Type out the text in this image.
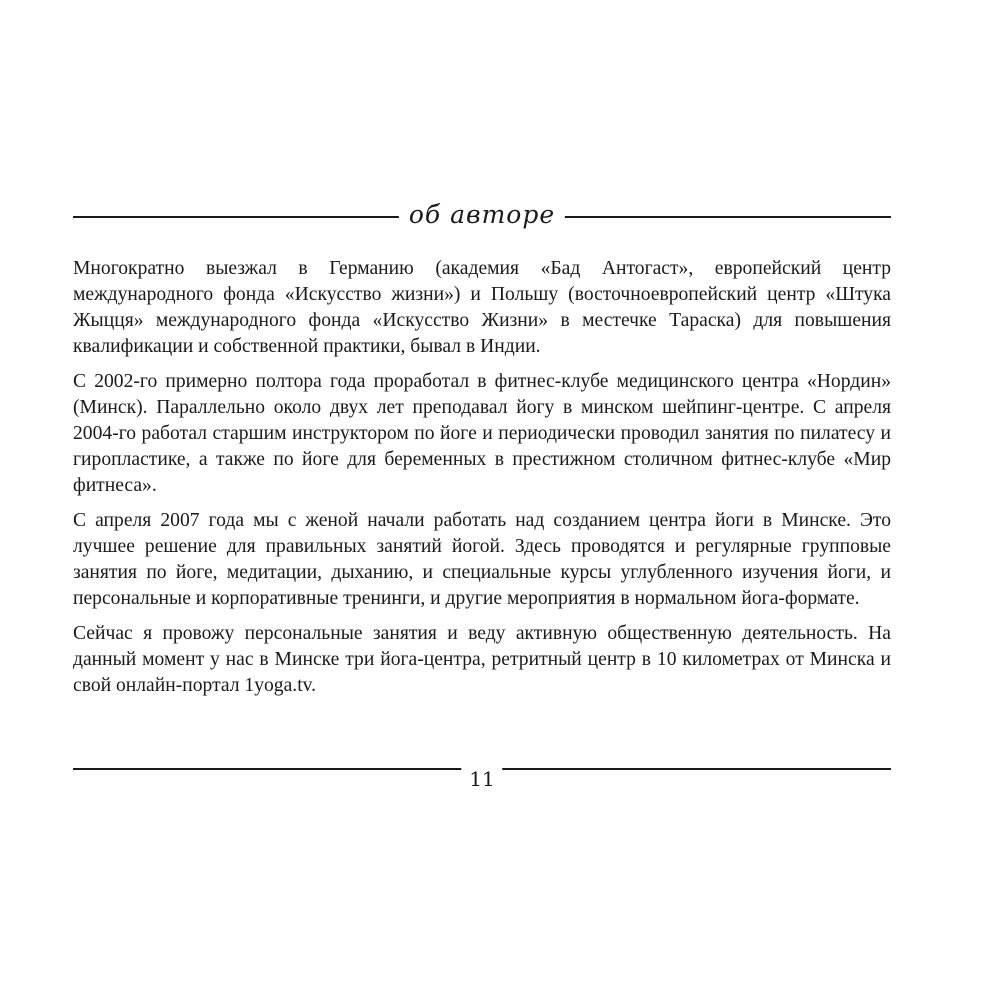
об авторе

Многократно выезжал в Германию (академия «Бад Антогаст», европейский центр международного фонда «Искусство жизни») и Польшу (восточноевропейский центр «Штука Жыцця» международного фонда «Искусство Жизни» в местечке Тараска) для повышения квалификации и собственной практики, бывал в Индии.

С 2002-го примерно полтора года проработал в фитнес-клубе медицинского центра «Нордин» (Минск). Параллельно около двух лет преподавал йогу в минском шейпинг-центре. С апреля 2004-го работал старшим инструктором по йоге и периодически проводил занятия по пилатесу и гиропластике, а также по йоге для беременных в престижном столичном фитнес-клубе «Мир фитнеса».

С апреля 2007 года мы с женой начали работать над созданием центра йоги в Минске. Это лучшее решение для правильных занятий йогой. Здесь проводятся и регулярные групповые занятия по йоге, медитации, дыханию, и специальные курсы углубленного изучения йоги, и персональные и корпоративные тренинги, и другие мероприятия в нормальном йога-формате.

Сейчас я провожу персональные занятия и веду активную общественную деятельность. На данный момент у нас в Минске три йога-центра, ретритный центр в 10 километрах от Минска и свой онлайн-портал 1yoga.tv.

11
